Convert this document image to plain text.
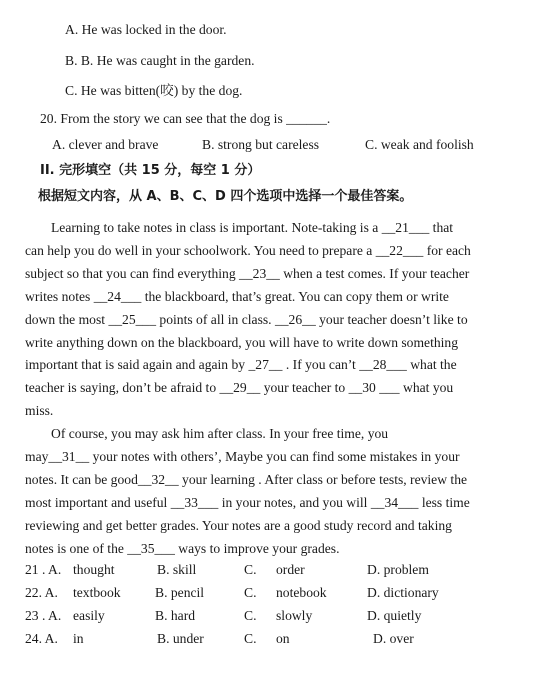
A. He was locked in the door.
B. B. He was caught in the garden.
C. He was bitten(咬) by the dog.
20. From the story we can see that the dog is ______.
A. clever and brave	B. strong but careless	C. weak and foolish
II. 完形填空（共 15 分，每空 1 分）
根据短文内容，从 A、B、C、D 四个选项中选择一个最佳答案。
Learning to take notes in class is important. Note-taking is a __21___ that
can help you do well in your schoolwork. You need to prepare a __22___ for each
subject so that you can find everything __23__ when a test comes. If your teacher
writes notes __24___ the blackboard, that’s great. You can copy them or write
down the most __25___ points of all in class. __26__ your teacher doesn’t like to
write anything down on the blackboard, you will have to write down something
important that is said again and again by _27__ . If you can’t __28___ what the
teacher is saying, don’t be afraid to __29__ your teacher to __30 ___ what you
miss.
Of course, you may ask him after class. In your free time, you
may__31__ your notes with others’, Maybe you can find some mistakes in your
notes. It can be good__32__ your learning . After class or before tests, review the
most important and useful __33___ in your notes, and you will __34___ less time
reviewing and get better grades. Your notes are a good study record and taking
notes is one of the __35___ ways to improve your grades.
21 . A. thought	B. skill	C. order	D. problem
22. A. textbook	B. pencil	C. notebook	D. dictionary
23 . A. easily	B. hard	C. slowly	D. quietly
24. A. in	B. under	C. on	D. over
